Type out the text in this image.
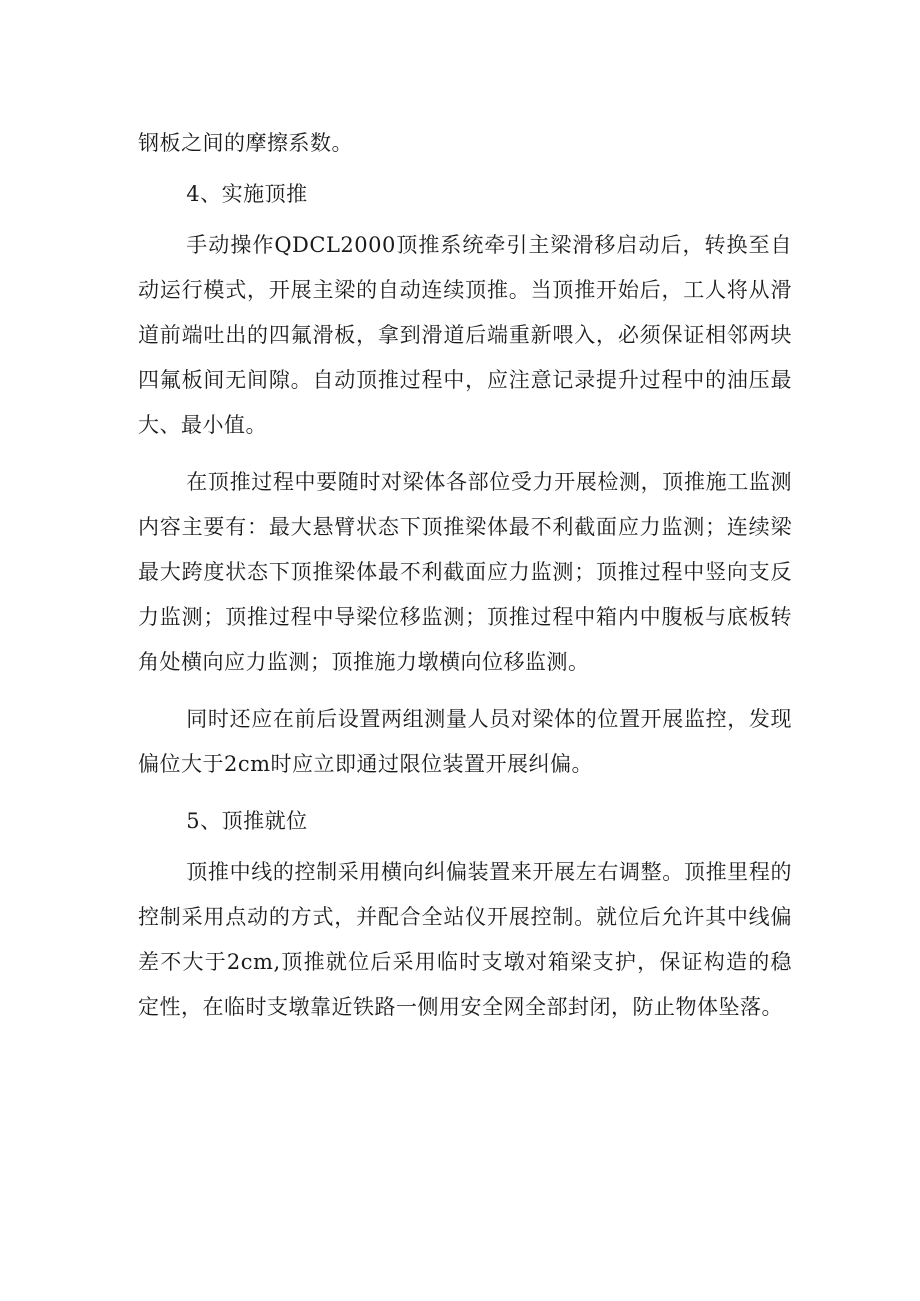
钢板之间的摩擦系数。

4、实施顶推

手动操作QDCL2000顶推系统牵引主梁滑移启动后，转换至自动运行模式，开展主梁的自动连续顶推。当顶推开始后，工人将从滑道前端吐出的四氟滑板，拿到滑道后端重新喂入，必须保证相邻两块四氟板间无间隙。自动顶推过程中，应注意记录提升过程中的油压最大、最小值。

在顶推过程中要随时对梁体各部位受力开展检测，顶推施工监测内容主要有：最大悬臂状态下顶推梁体最不利截面应力监测；连续梁最大跨度状态下顶推梁体最不利截面应力监测；顶推过程中竖向支反力监测；顶推过程中导梁位移监测；顶推过程中箱内中腹板与底板转角处横向应力监测；顶推施力墩横向位移监测。

同时还应在前后设置两组测量人员对梁体的位置开展监控，发现偏位大于2cm时应立即通过限位装置开展纠偏。

5、顶推就位

顶推中线的控制采用横向纠偏装置来开展左右调整。顶推里程的控制采用点动的方式，并配合全站仪开展控制。就位后允许其中线偏差不大于2cm,顶推就位后采用临时支墩对箱梁支护，保证构造的稳定性，在临时支墩靠近铁路一侧用安全网全部封闭，防止物体坠落。
